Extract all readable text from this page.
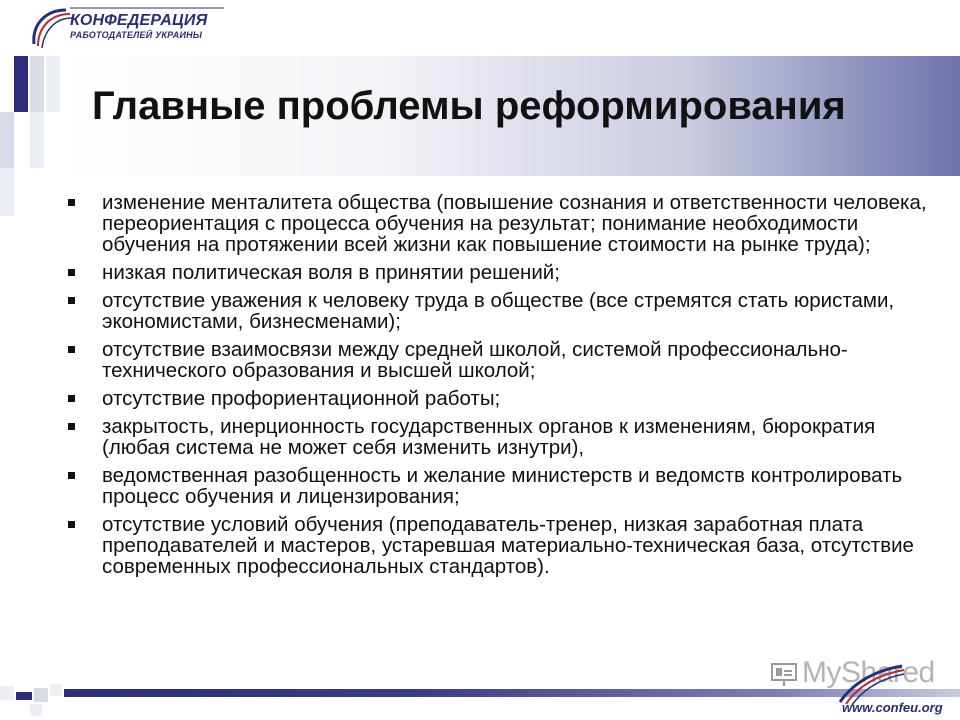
КОНФЕДЕРАЦИЯ
РАБОТОДАТЕЛЕЙ УКРАИНЫ
Главные проблемы реформирования
изменение менталитета общества (повышение сознания и ответственности человека, переориентация с процесса обучения на результат; понимание необходимости обучения на протяжении всей жизни как повышение стоимости на рынке труда);
низкая политическая воля в принятии решений;
отсутствие уважения к человеку труда в обществе (все стремятся стать юристами, экономистами, бизнесменами);
отсутствие взаимосвязи между средней школой, системой профессионально-технического образования и высшей школой;
отсутствие профориентационной работы;
закрытость, инерционность государственных органов к изменениям, бюрократия (любая система не может себя изменить изнутри),
ведомственная разобщенность и желание министерств и ведомств контролировать процесс обучения и лицензирования;
отсутствие условий обучения (преподаватель-тренер, низкая заработная плата преподавателей и мастеров, устаревшая материально-техническая база, отсутствие современных профессиональных стандартов).
MyShared
www.confeu.org
